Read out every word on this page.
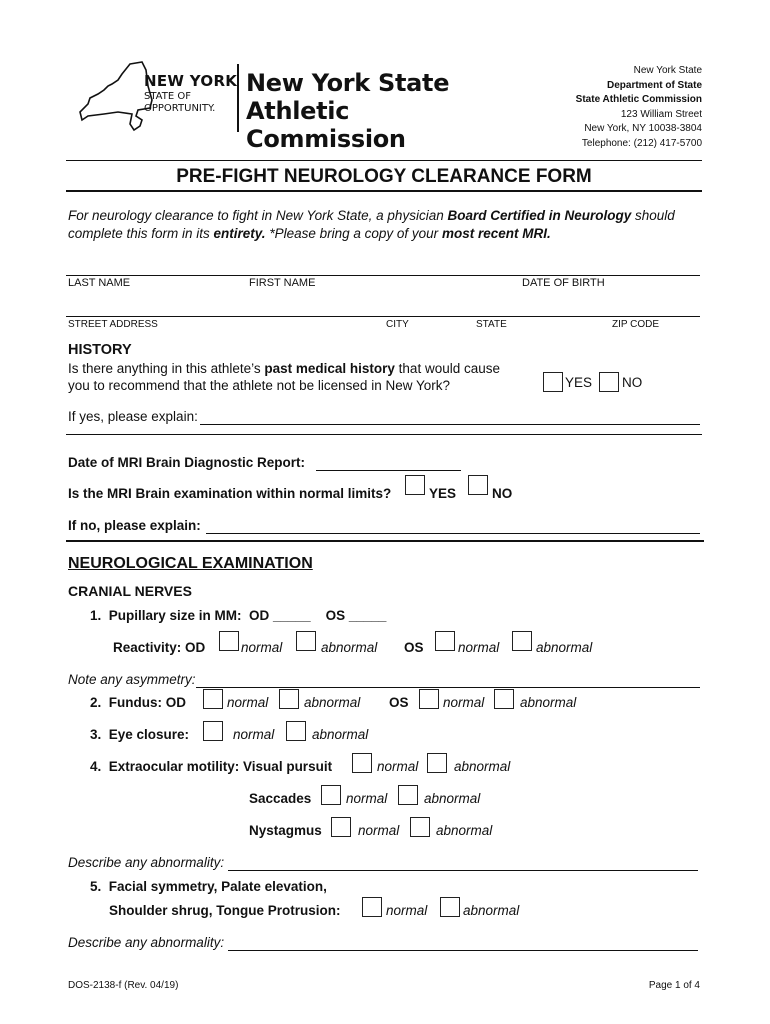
NEW YORK
STATE OF
OPPORTUNITY.
New York State
Athletic Commission
New York State
Department of State
State Athletic Commission
123 William Street
New York, NY 10038-3804
Telephone: (212) 417-5700
PRE-FIGHT NEUROLOGY CLEARANCE FORM
For neurology clearance to fight in New York State, a physician Board Certified in Neurology should complete this form in its entirety. *Please bring a copy of your most recent MRI.
LAST NAME	FIRST NAME	DATE OF BIRTH
STREET ADDRESS	CITY	STATE	ZIP CODE
HISTORY
Is there anything in this athlete’s past medical history that would cause
you to recommend that the athlete not be licensed in New York?	YES NO
If yes, please explain:
Date of MRI Brain Diagnostic Report:
Is the MRI Brain examination within normal limits?	YES	NO
If no, please explain:
NEUROLOGICAL EXAMINATION
CRANIAL NERVES
1.  Pupillary size in MM:  OD _____    OS _____
Reactivity: OD	normal	abnormal OS	normal	abnormal
Note any asymmetry:
2.  Fundus: OD	normal	abnormal OS	normal	abnormal
3.  Eye closure:	normal	abnormal
4.  Extraocular motility: Visual pursuit	normal	abnormal
Saccades	normal	abnormal
Nystagmus	normal	abnormal
Describe any abnormality:
5.  Facial symmetry, Palate elevation,
Shoulder shrug, Tongue Protrusion:	normal	abnormal
Describe any abnormality:
DOS-2138-f (Rev. 04/19)	Page 1 of 4
